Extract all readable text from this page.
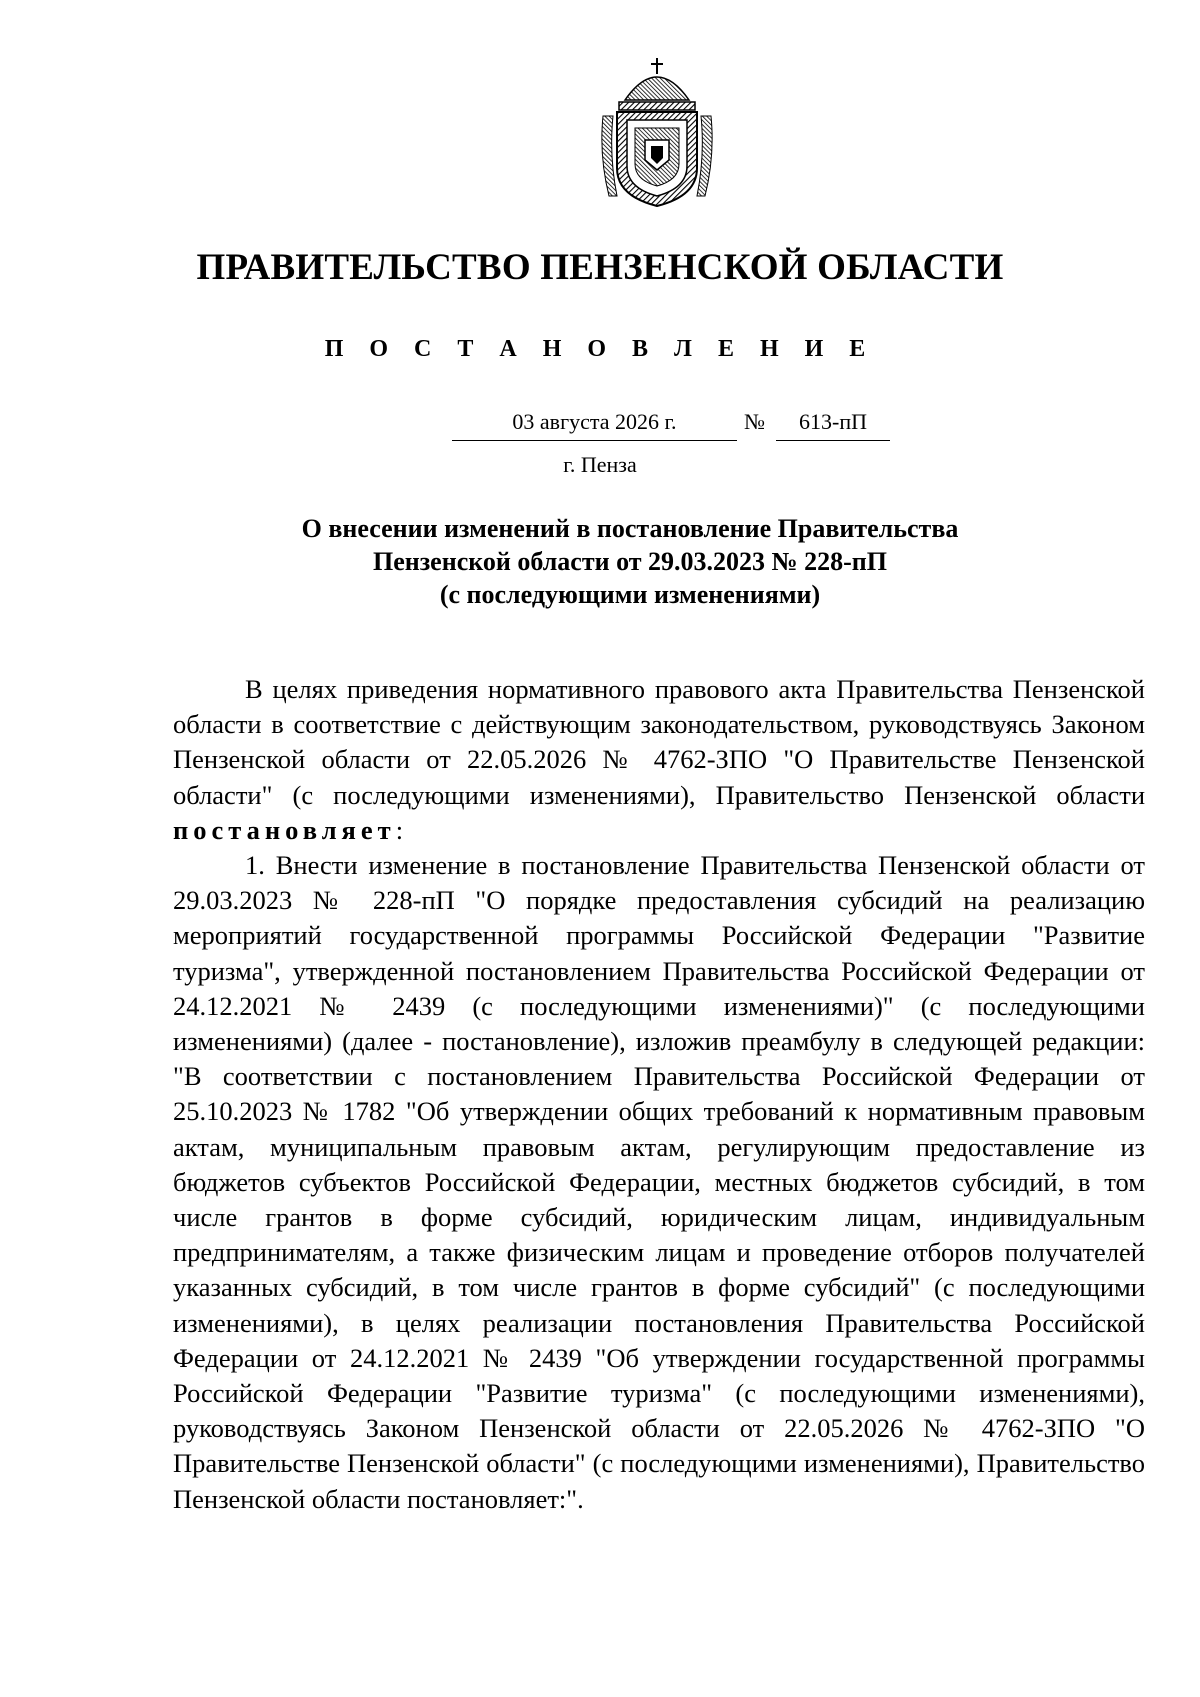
ПРАВИТЕЛЬСТВО ПЕНЗЕНСКОЙ ОБЛАСТИ
П О С Т А Н О В Л Е Н И Е
03 августа 2026 г.	№	613-пП
г. Пенза
О внесении изменений в постановление Правительства
Пензенской области от 29.03.2023 № 228-пП
(с последующими изменениями)

В целях приведения нормативного правового акта Правительства Пензенской области в соответствие с действующим законодательством, руководствуясь Законом Пензенской области от 22.05.2026 № 4762-ЗПО "О Правительстве Пензенской области" (с последующими изменениями), Правительство Пензенской области постановляет:

1. Внести изменение в постановление Правительства Пензенской области от 29.03.2023 № 228-пП "О порядке предоставления субсидий на реализацию мероприятий государственной программы Российской Федерации "Развитие туризма", утвержденной постановлением Правительства Российской Федерации от 24.12.2021 № 2439 (с последующими изменениями)" (с последующими изменениями) (далее - постановление), изложив преамбулу в следующей редакции: "В соответствии с постановлением Правительства Российской Федерации от 25.10.2023 № 1782 "Об утверждении общих требований к нормативным правовым актам, муниципальным правовым актам, регулирующим предоставление из бюджетов субъектов Российской Федерации, местных бюджетов субсидий, в том числе грантов в форме субсидий, юридическим лицам, индивидуальным предпринимателям, а также физическим лицам и проведение отборов получателей указанных субсидий, в том числе грантов в форме субсидий" (с последующими изменениями), в целях реализации постановления Правительства Российской Федерации от 24.12.2021 № 2439 "Об утверждении государственной программы Российской Федерации "Развитие туризма" (с последующими изменениями), руководствуясь Законом Пензенской области от 22.05.2026 № 4762-ЗПО "О Правительстве Пензенской области" (с последующими изменениями), Правительство Пензенской области постановляет:".
